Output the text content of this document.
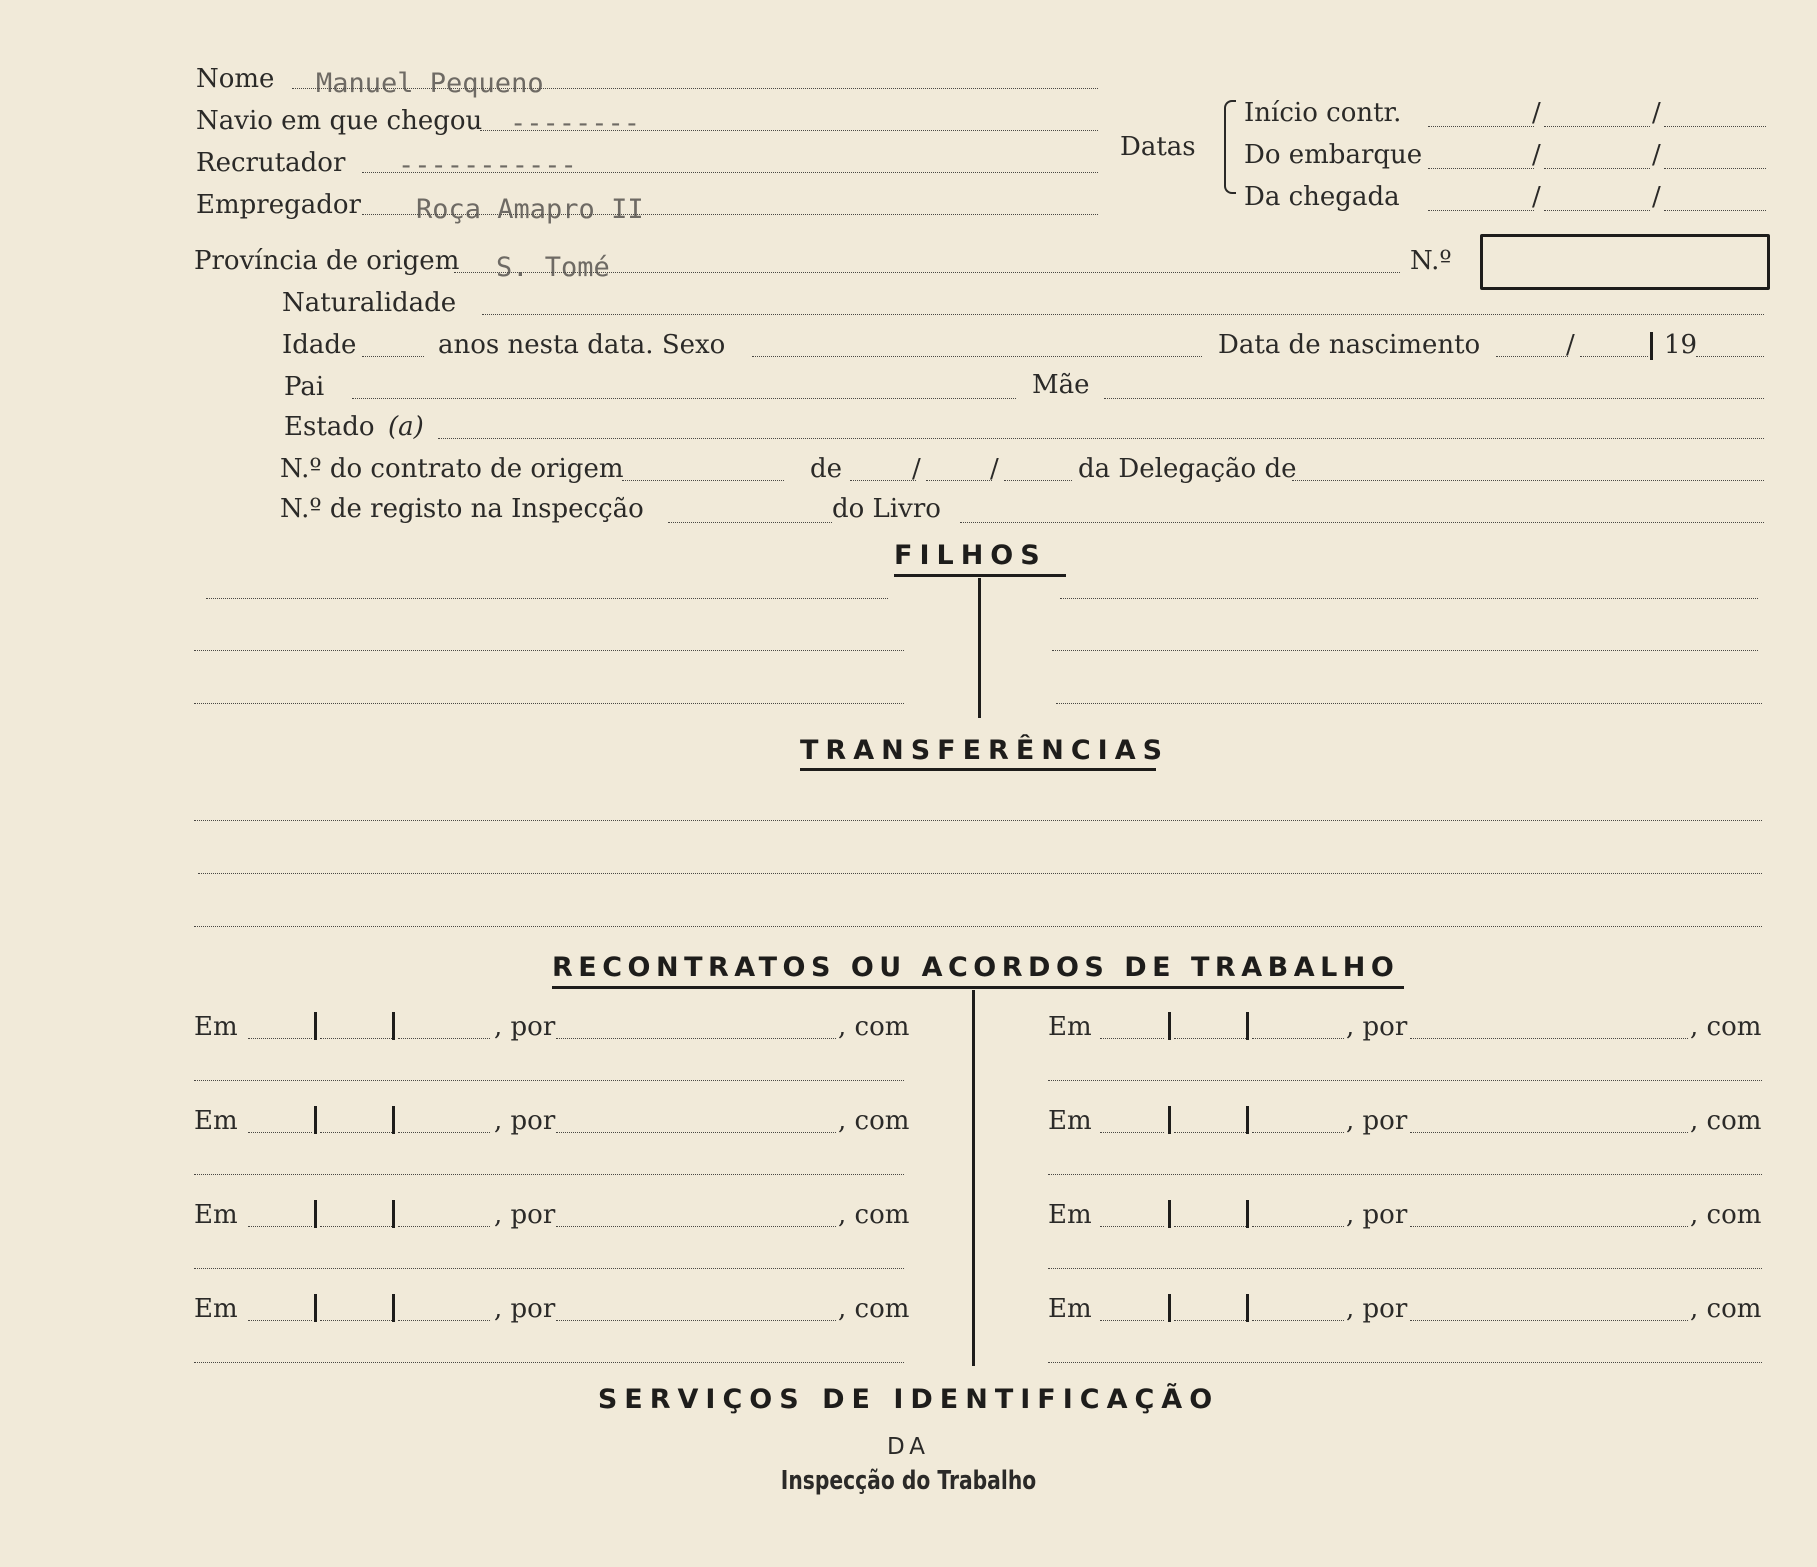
Nome Manuel Pequeno
Navio em que chegou --------
Recrutador -----------
Empregador Roça Amapro II
Datas
Início contr.	/	/
Do embarque	/	/
Da chegada	/	/
Província de origem S. Tomé	N.º
Naturalidade
Idade	anos nesta data. Sexo	Data de nascimento	/	19
Pai	Mãe
Estado (a)
N.º do contrato de origem	de	/	/	da Delegação de
N.º de registo na Inspecção	do Livro
FILHOS
TRANSFERÊNCIAS
RECONTRATOS OU ACORDOS DE TRABALHO
Em	, por	, com	Em	, por	, com
Em	, por	, com	Em	, por	, com
Em	, por	, com	Em	, por	, com
Em	, por	, com	Em	, por	, com
SERVIÇOS DE IDENTIFICAÇÃO
DA
Inspecção do Trabalho
